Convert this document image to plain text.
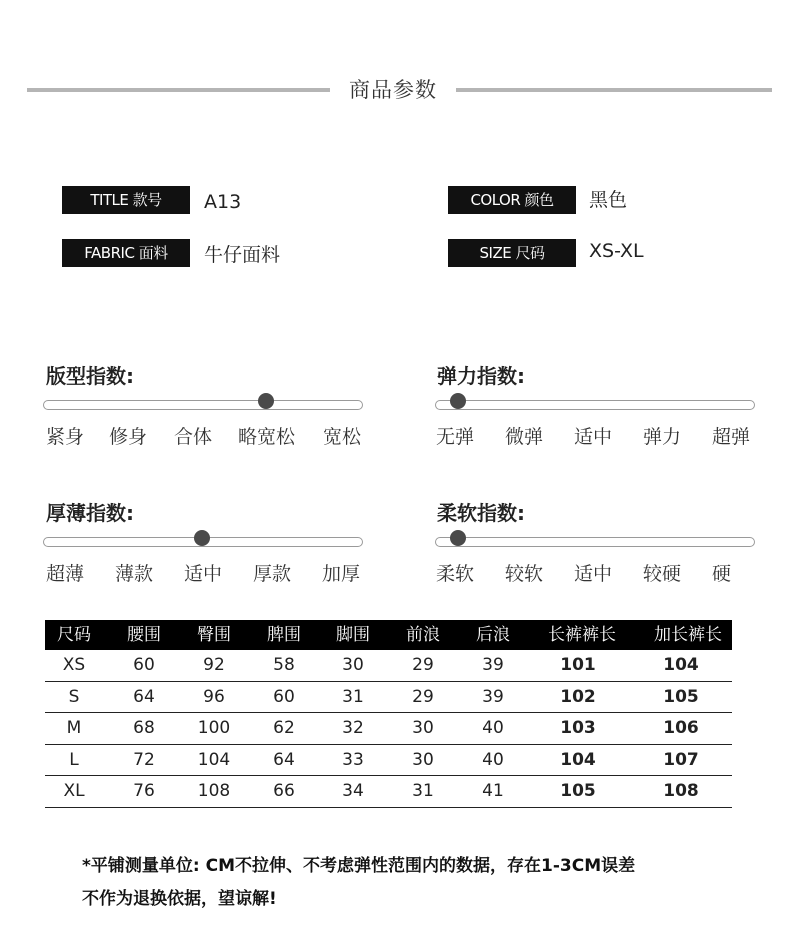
商品参数
TITLE 款号	A13
FABRIC 面料	牛仔面料
COLOR 颜色	黑色
SIZE 尺码	XS-XL
版型指数:
紧身 修身 合体 略宽松 宽松
弹力指数:
无弹 微弹 适中 弹力 超弹
厚薄指数:
超薄 薄款 适中 厚款 加厚
柔软指数:
柔软 较软 适中 较硬 硬
尺码	腰围	臀围	脾围	脚围	前浪	后浪	长裤裤长	加长裤长
XS	60	92	58	30	29	39	101	104
S	64	96	60	31	29	39	102	105
M	68	100	62	32	30	40	103	106
L	72	104	64	33	30	40	104	107
XL	76	108	66	34	31	41	105	108
*平铺测量单位: CM不拉伸、不考虑弹性范围内的数据，存在1-3CM误差
不作为退换依据，望谅解!
